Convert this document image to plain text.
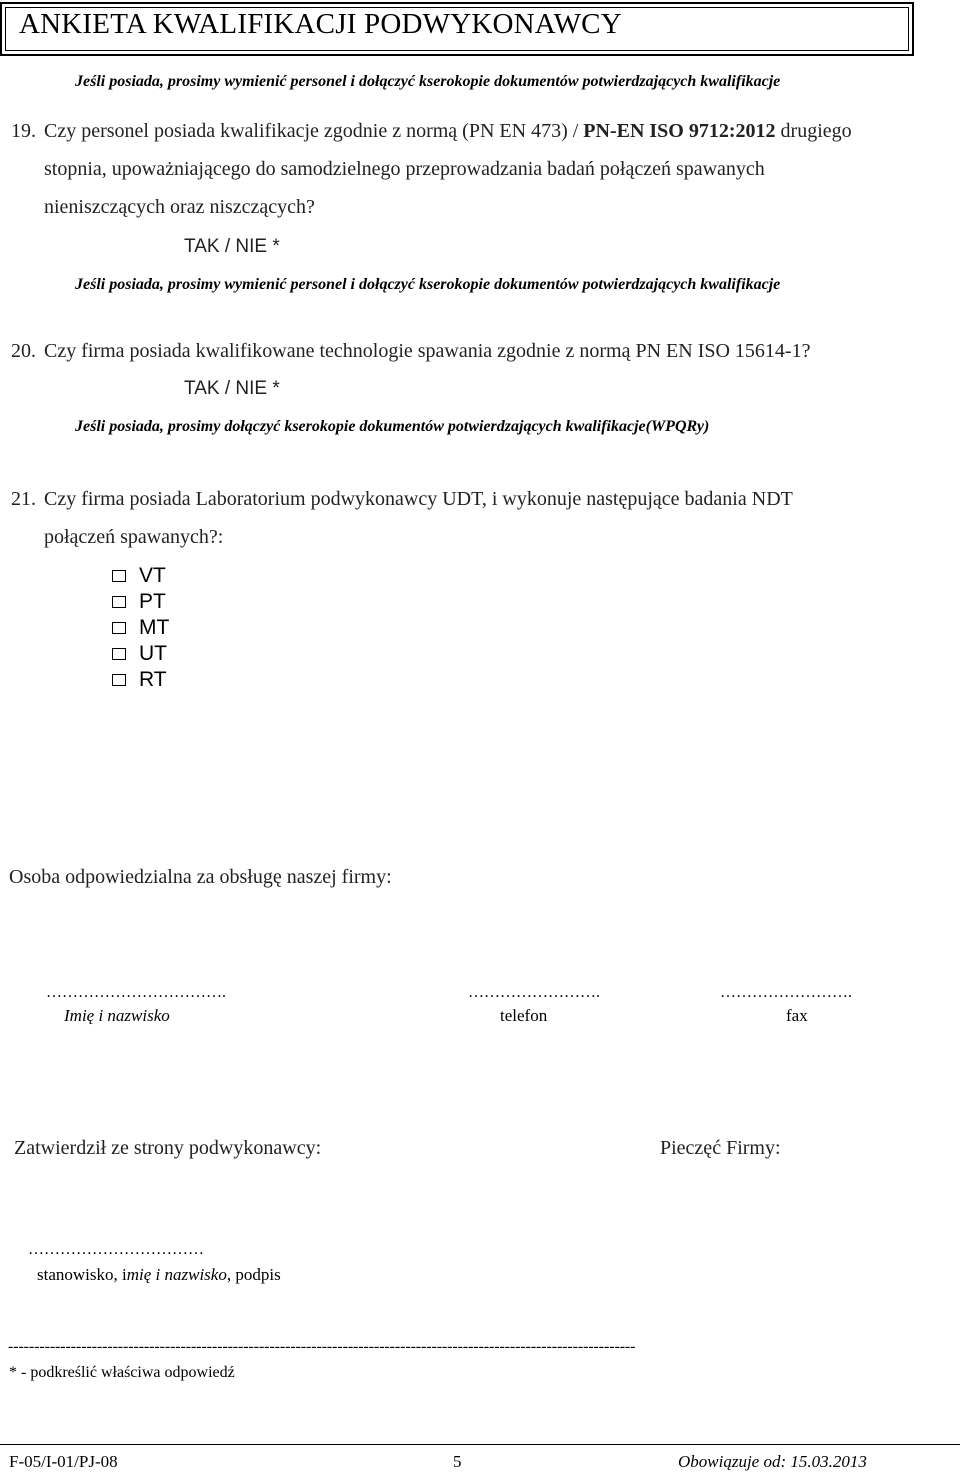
ANKIETA KWALIFIKACJI PODWYKONAWCY
Jeśli posiada, prosimy wymienić personel i dołączyć kserokopie dokumentów potwierdzających kwalifikacje
19. Czy personel posiada kwalifikacje zgodnie z normą (PN EN 473) / PN-EN ISO 9712:2012 drugiego
stopnia, upoważniającego do samodzielnego przeprowadzania badań połączeń spawanych
nieniszczących oraz niszczących?
TAK / NIE *
Jeśli posiada, prosimy wymienić personel i dołączyć kserokopie dokumentów potwierdzających kwalifikacje
20. Czy firma posiada kwalifikowane technologie spawania zgodnie z normą PN EN ISO 15614-1?
TAK / NIE *
Jeśli posiada, prosimy dołączyć kserokopie dokumentów potwierdzających kwalifikacje(WPQRy)
21. Czy firma posiada Laboratorium podwykonawcy UDT, i wykonuje następujące badania NDT
połączeń spawanych?:
VT
PT
MT
UT
RT
Osoba odpowiedzialna za obsługę naszej firmy:
…………………………….	…………………….	…………………….
Imię i nazwisko	telefon	fax
Zatwierdził ze strony podwykonawcy:	Pieczęć Firmy:
……………………………
stanowisko, imię i nazwisko, podpis
------------------------------------------------------------------------------------------------------------------------
* - podkreślić właściwa odpowiedź
F-05/I-01/PJ-08	5	Obowiązuje od: 15.03.2013
